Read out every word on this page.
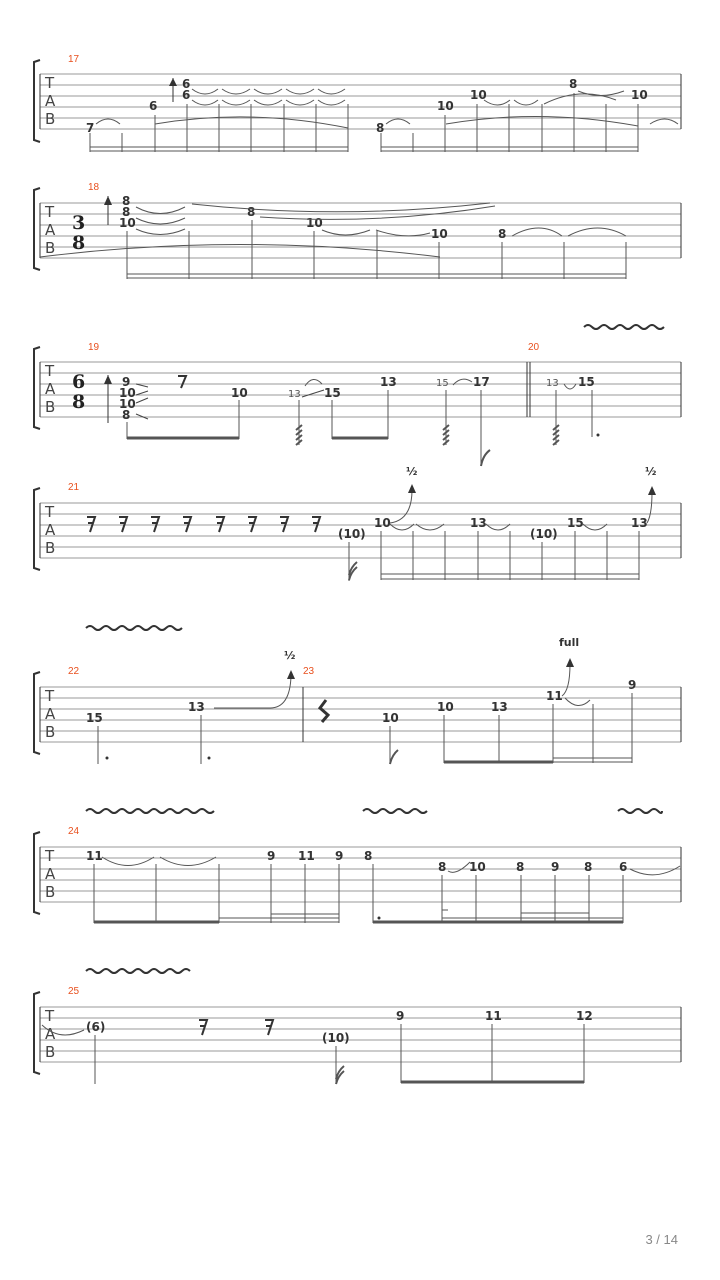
T
A
B
17
7
6
6
6
8
10
10
8
10
T
A
B
18
3
8
8
8
10
8
10
10	8
T
A
B
19	20
6
8
9
10
10
8
10	13 15
13	15 17	13 15
T
A
B
21
(10)
10	13
(10)
15	13
½	½
T
A
B
22	23
15
13
½
10
10	13
11
9
full
T
A
B
24
11	9 11 9 8
8 10	8 9 8 6
T
A
B
25
(6)
(10)
9	11	12
3 / 14
